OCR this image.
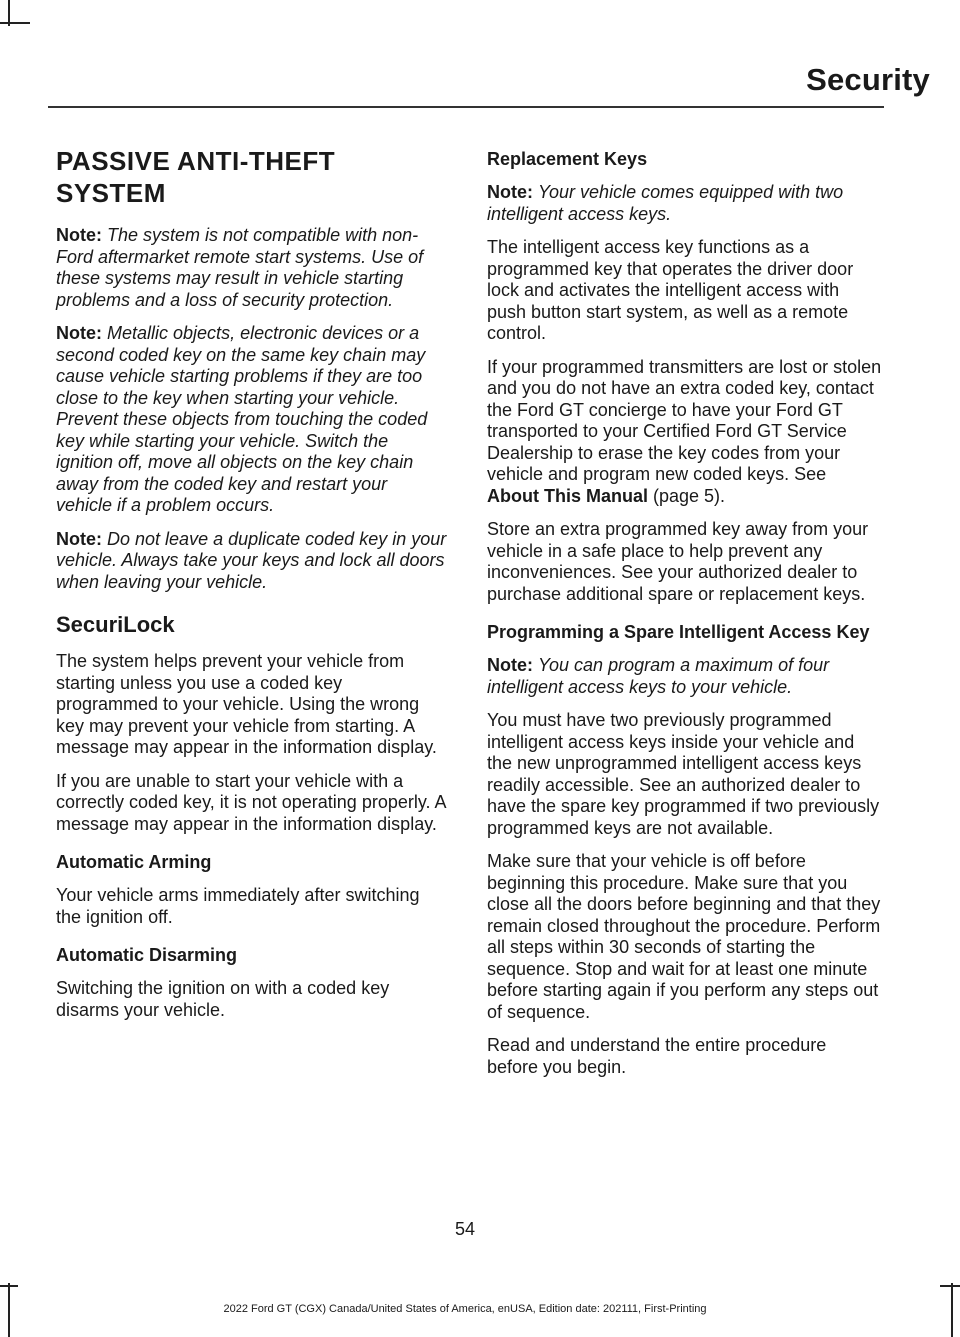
Security
PASSIVE ANTI-THEFT
SYSTEM

Note: The system is not compatible with non-Ford aftermarket remote start systems. Use of these systems may result in vehicle starting problems and a loss of security protection.

Note: Metallic objects, electronic devices or a second coded key on the same key chain may cause vehicle starting problems if they are too close to the key when starting your vehicle. Prevent these objects from touching the coded key while starting your vehicle. Switch the ignition off, move all objects on the key chain away from the coded key and restart your vehicle if a problem occurs.

Note: Do not leave a duplicate coded key in your vehicle. Always take your keys and lock all doors when leaving your vehicle.

SecuriLock

The system helps prevent your vehicle from starting unless you use a coded key programmed to your vehicle. Using the wrong key may prevent your vehicle from starting. A message may appear in the information display.

If you are unable to start your vehicle with a correctly coded key, it is not operating properly. A message may appear in the information display.

Automatic Arming

Your vehicle arms immediately after switching the ignition off.

Automatic Disarming

Switching the ignition on with a coded key disarms your vehicle.

Replacement Keys

Note: Your vehicle comes equipped with two intelligent access keys.

The intelligent access key functions as a programmed key that operates the driver door lock and activates the intelligent access with push button start system, as well as a remote control.

If your programmed transmitters are lost or stolen and you do not have an extra coded key, contact the Ford GT concierge to have your Ford GT transported to your Certified Ford GT Service Dealership to erase the key codes from your vehicle and program new coded keys. See About This Manual (page 5).

Store an extra programmed key away from your vehicle in a safe place to help prevent any inconveniences. See your authorized dealer to purchase additional spare or replacement keys.

Programming a Spare Intelligent Access Key

Note: You can program a maximum of four intelligent access keys to your vehicle.

You must have two previously programmed intelligent access keys inside your vehicle and the new unprogrammed intelligent access keys readily accessible. See an authorized dealer to have the spare key programmed if two previously programmed keys are not available.

Make sure that your vehicle is off before beginning this procedure. Make sure that you close all the doors before beginning and that they remain closed throughout the procedure. Perform all steps within 30 seconds of starting the sequence. Stop and wait for at least one minute before starting again if you perform any steps out of sequence.

Read and understand the entire procedure before you begin.

54
2022 Ford GT (CGX) Canada/United States of America, enUSA, Edition date: 202111, First-Printing
